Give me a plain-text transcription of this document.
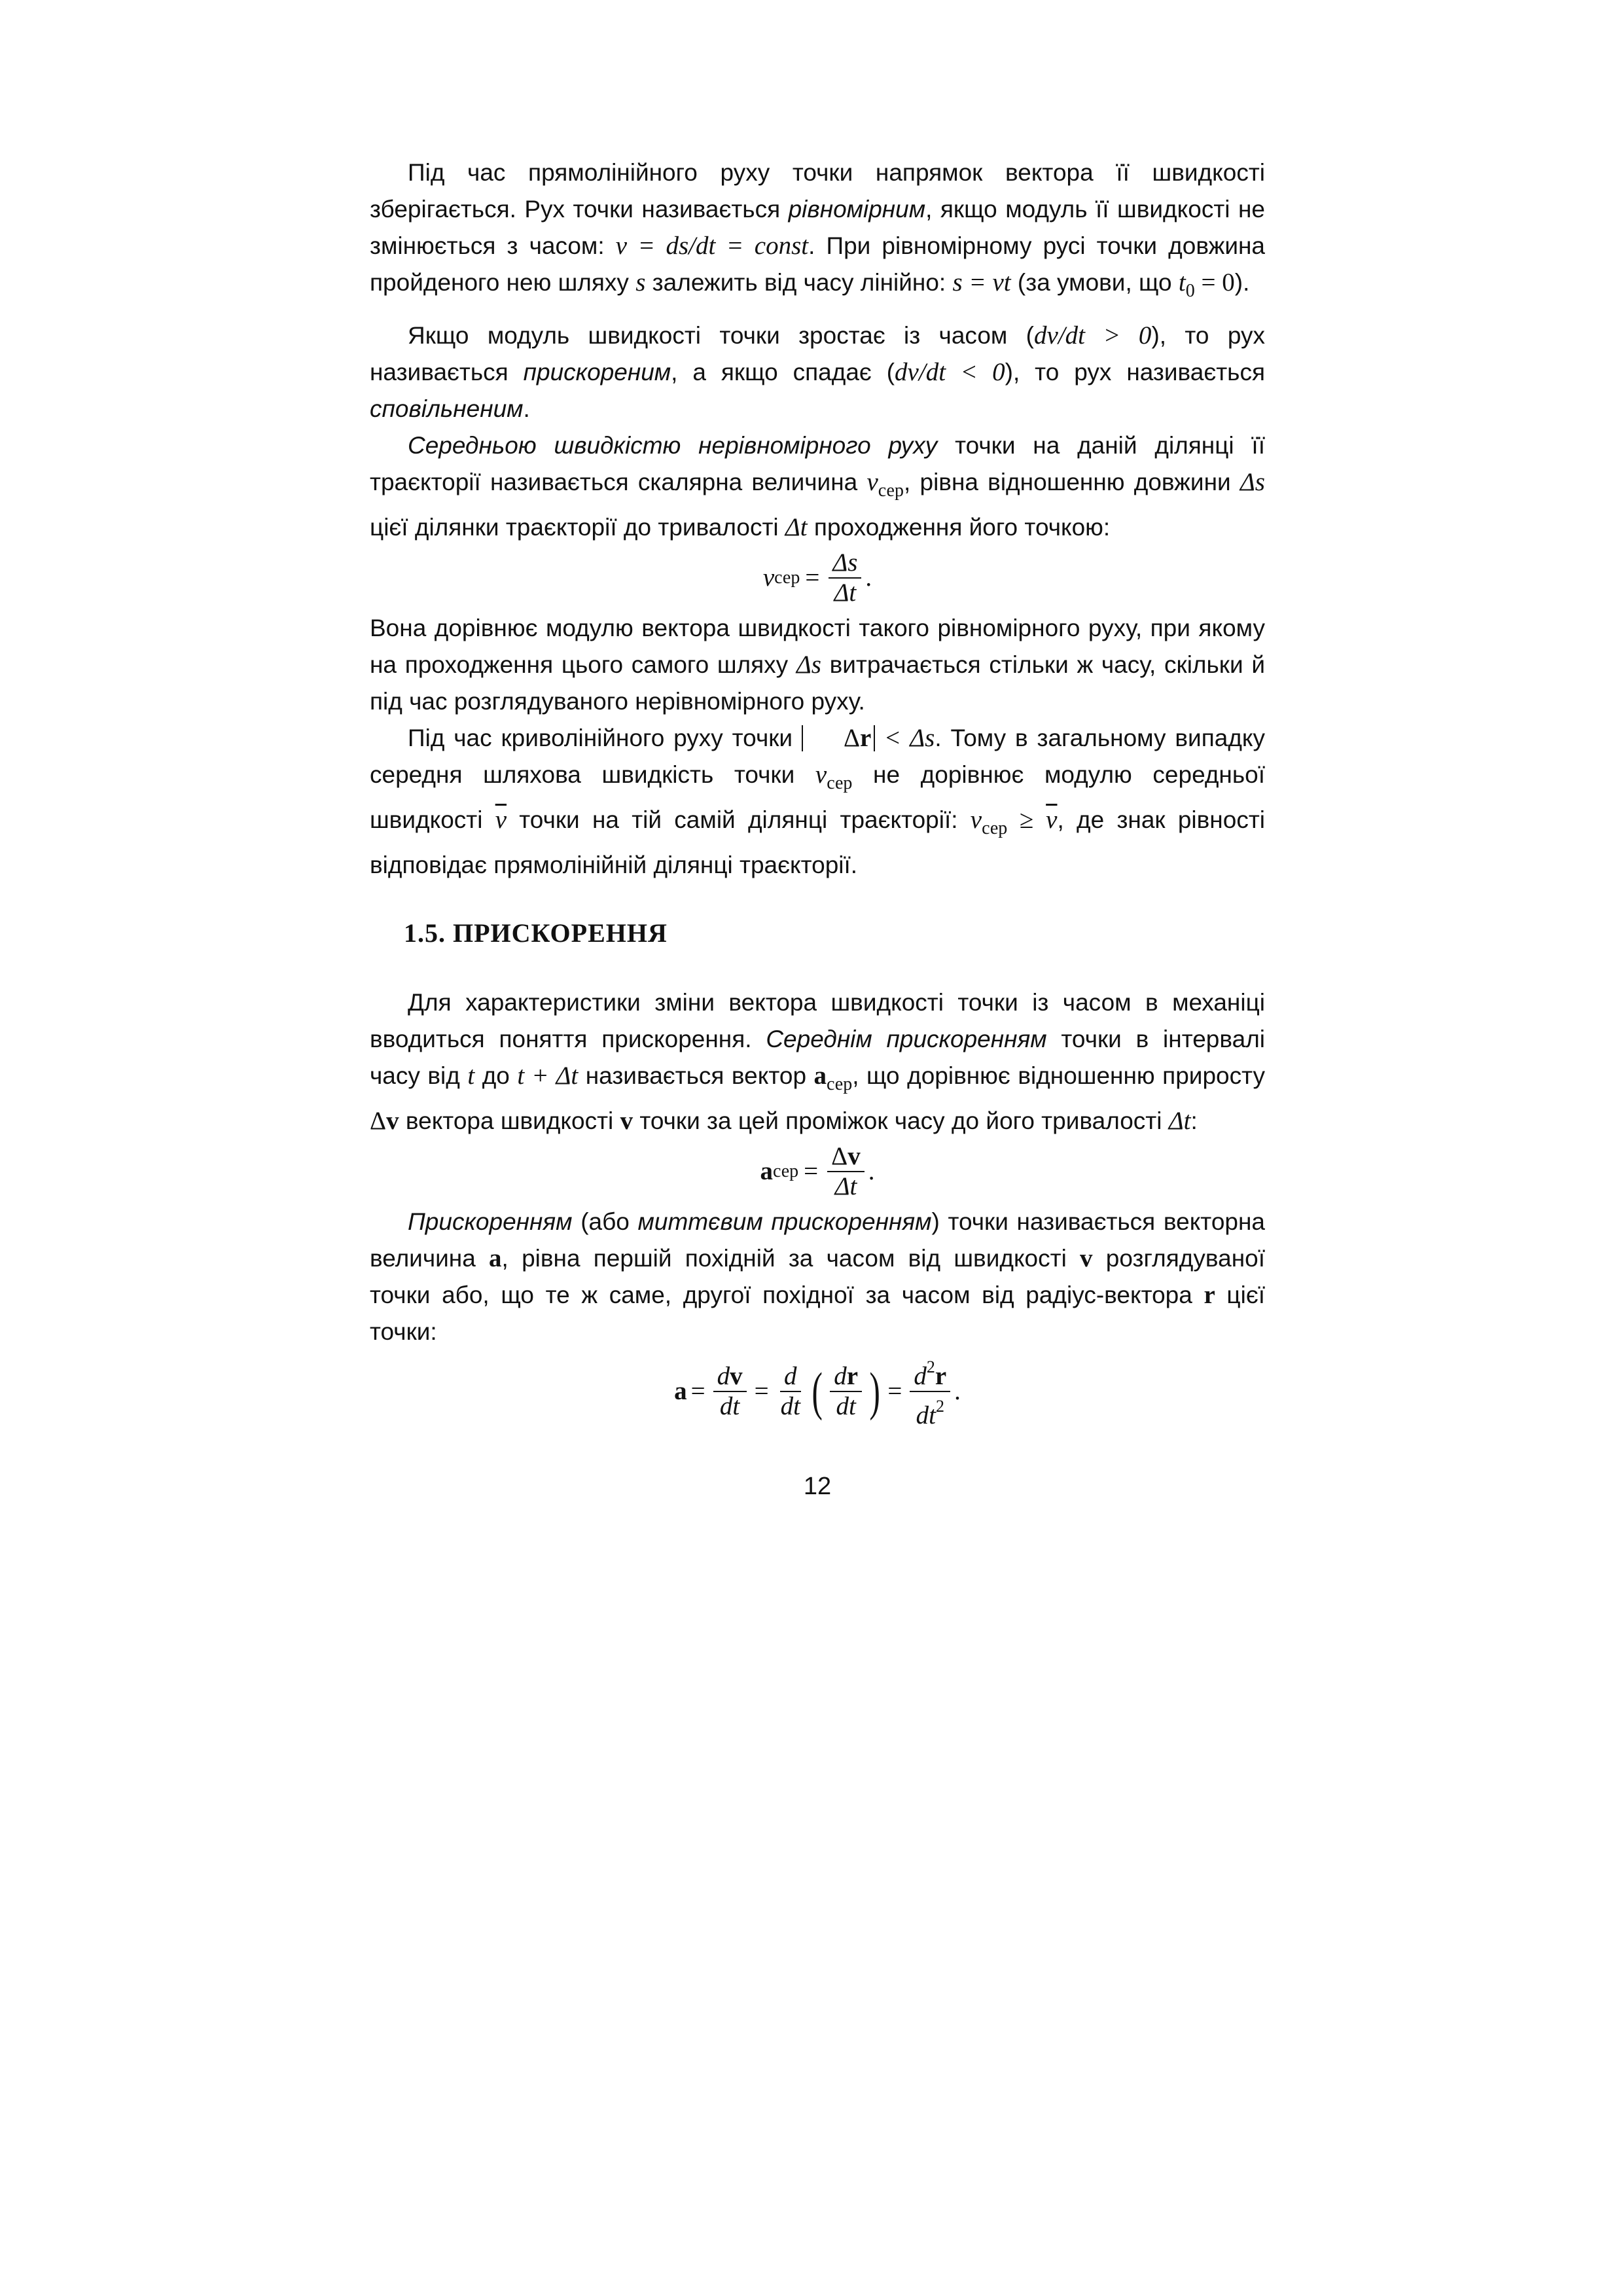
Під час прямолінійного руху точки напрямок вектора її швидкості зберігається. Рух точки називається рівномірним, якщо модуль її швидкості не змінюється з часом: v = ds/dt = const. При рівномірному русі точки довжина пройденого нею шляху s залежить від часу лінійно: s = vt (за умови, що $t_0 = 0$).

Якщо модуль швидкості точки зростає із часом (dv/dt > 0), то рух називається прискореним, а якщо спадає (dv/dt < 0), то рух називається сповільненим.

Середньою швидкістю нерівномірного руху точки на даній ділянці її траєкторії називається скалярна величина $v_{сер}$, рівна відношенню довжини Δs цієї ділянки траєкторії до тривалості Δt проходження його точкою:

v сер = $\frac{\Delta s}{\Delta t}$ .

Вона дорівнює модулю вектора швидкості такого рівномірного руху, при якому на проходження цього самого шляху Δs витрачається стільки ж часу, скільки й під час розглядуваного нерівномірного руху.

Під час криволінійного руху точки Δr < Δs. Тому в загальному випадку середня шляхова швидкість точки $v_{сер}$ не дорівнює модулю середньої швидкості $\overline{v}$ точки на тій самій ділянці траєкторії: $v_{сер} \ge \overline{v}$, де знак рівності відповідає прямолінійній ділянці траєкторії.

1.5. ПРИСКОРЕННЯ

Для характеристики зміни вектора швидкості точки із часом в механіці вводиться поняття прискорення. Середнім прискоренням точки в інтервалі часу від t до t + Δt називається вектор $a_{сер}$, що дорівнює відношенню приросту Δv вектора швидкості v точки за цей проміжок часу до його тривалості Δt:

a сер = $\frac{\Delta v}{\Delta t}$ .

Прискоренням (або миттєвим прискоренням) точки називається векторна величина a, рівна першій похідній за часом від швидкості v розглядуваної точки або, що те ж саме, другої похідної за часом від радіус-вектора r цієї точки:

$a = \frac{dv}{dt} = \frac{d}{dt}$ ( $\frac{dr}{dt}$ ) = $\frac{d^2r}{dt^2}$ .
12
